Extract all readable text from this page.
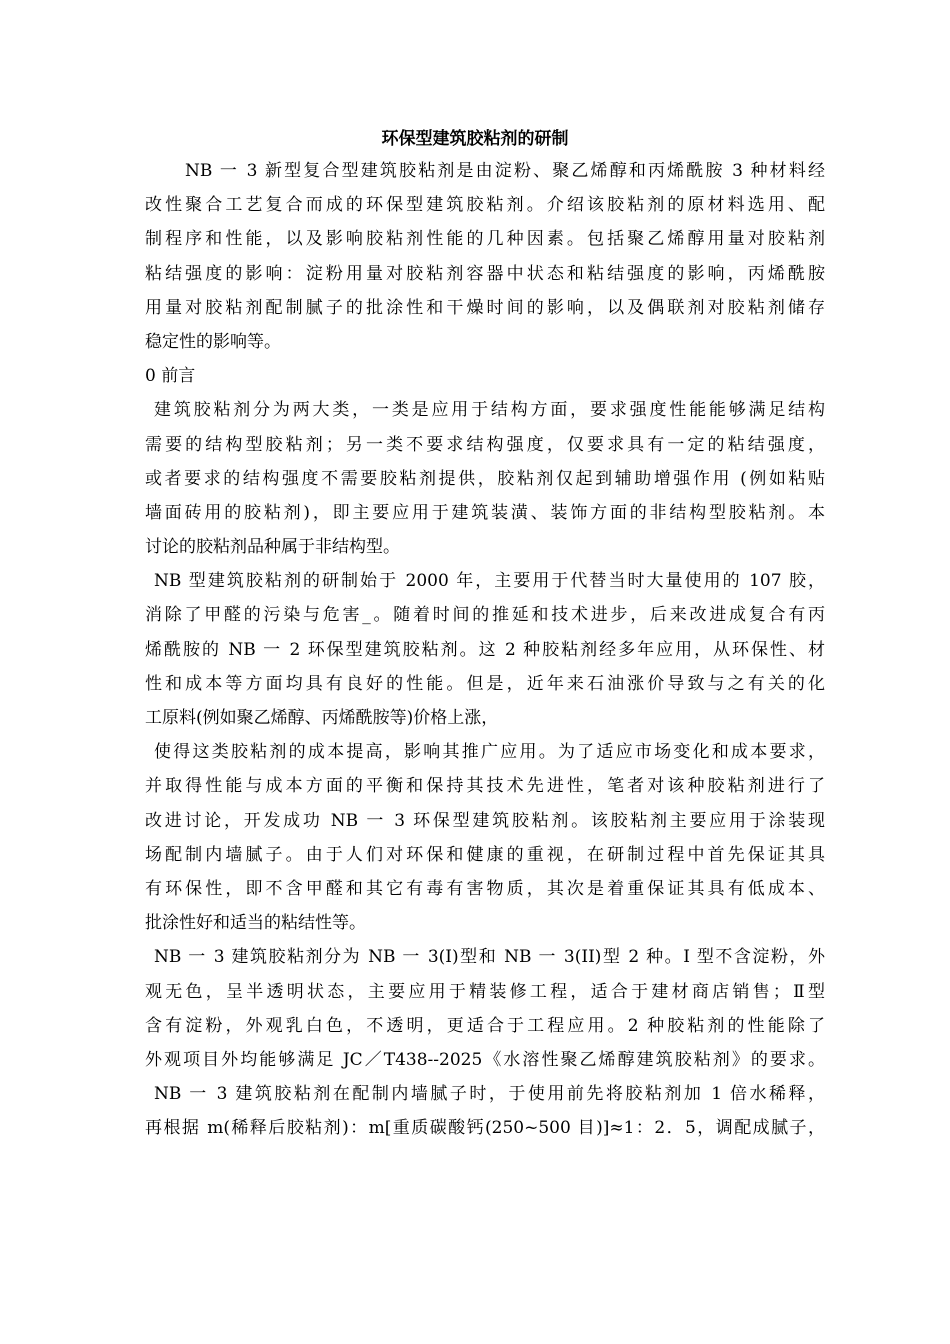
环保型建筑胶粘剂的研制

NB 一 3 新型复合型建筑胶粘剂是由淀粉、聚乙烯醇和丙烯酰胺 3 种材料经

改性聚合工艺复合而成的环保型建筑胶粘剂。介绍该胶粘剂的原材料选用、配

制程序和性能，以及影响胶粘剂性能的几种因素。包括聚乙烯醇用量对胶粘剂

粘结强度的影响：淀粉用量对胶粘剂容器中状态和粘结强度的影响，丙烯酰胺

用量对胶粘剂配制腻子的批涂性和干燥时间的影响，以及偶联剂对胶粘剂储存

稳定性的影响等。

0 前言

建筑胶粘剂分为两大类，一类是应用于结构方面，要求强度性能能够满足结构

需要的结构型胶粘剂；另一类不要求结构强度，仅要求具有一定的粘结强度，

或者要求的结构强度不需要胶粘剂提供，胶粘剂仅起到辅助增强作用 (例如粘贴

墙面砖用的胶粘剂)，即主要应用于建筑装潢、装饰方面的非结构型胶粘剂。本

讨论的胶粘剂品种属于非结构型。

NB 型建筑胶粘剂的研制始于 2000 年，主要用于代替当时大量使用的 107 胶，

消除了甲醛的污染与危害_。随着时间的推延和技术进步，后来改进成复合有丙

烯酰胺的 NB 一 2 环保型建筑胶粘剂。这 2 种胶粘剂经多年应用，从环保性、材

性和成本等方面均具有良好的性能。但是，近年来石油涨价导致与之有关的化

工原料(例如聚乙烯醇、丙烯酰胺等)价格上涨，

使得这类胶粘剂的成本提高，影响其推广应用。为了适应市场变化和成本要求，

并取得性能与成本方面的平衡和保持其技术先进性，笔者对该种胶粘剂进行了

改进讨论，开发成功 NB 一 3 环保型建筑胶粘剂。该胶粘剂主要应用于涂装现

场配制内墙腻子。由于人们对环保和健康的重视，在研制过程中首先保证其具

有环保性，即不含甲醛和其它有毒有害物质，其次是着重保证其具有低成本、

批涂性好和适当的粘结性等。

NB 一 3 建筑胶粘剂分为 NB 一 3(I)型和 NB 一 3(II)型 2 种。I 型不含淀粉，外

观无色，呈半透明状态，主要应用于精装修工程，适合于建材商店销售；Ⅱ型

含有淀粉，外观乳白色，不透明，更适合于工程应用。2 种胶粘剂的性能除了

外观项目外均能够满足 JC／T438--2025《水溶性聚乙烯醇建筑胶粘剂》的要求。

NB 一 3 建筑胶粘剂在配制内墙腻子时，于使用前先将胶粘剂加 1 倍水稀释，

再根据 m(稀释后胶粘剂)：m[重质碳酸钙(250~500 目)]≈1：2．5，调配成腻子，
